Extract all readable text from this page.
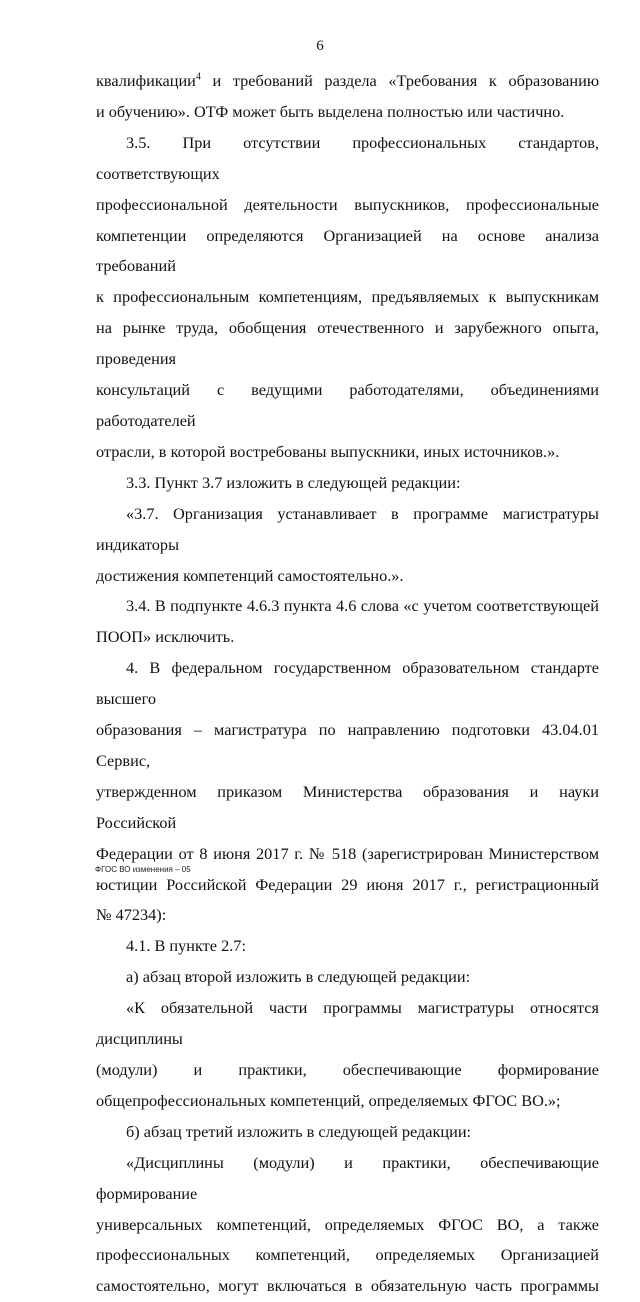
6

квалификации$^4$ и требований раздела «Требования к образованию

и обучению». ОТФ может быть выделена полностью или частично.

3.5. При отсутствии профессиональных стандартов, соответствующих

профессиональной деятельности выпускников, профессиональные

компетенции определяются Организацией на основе анализа требований

к профессиональным компетенциям, предъявляемых к выпускникам

на рынке труда, обобщения отечественного и зарубежного опыта, проведения

консультаций с ведущими работодателями, объединениями работодателей

отрасли, в которой востребованы выпускники, иных источников.».

3.3. Пункт 3.7 изложить в следующей редакции:

«3.7. Организация устанавливает в программе магистратуры индикаторы

достижения компетенций самостоятельно.».

3.4. В подпункте 4.6.3 пункта 4.6 слова «с учетом соответствующей

ПООП» исключить.

4. В федеральном государственном образовательном стандарте высшего

образования – магистратура по направлению подготовки 43.04.01 Сервис,

утвержденном приказом Министерства образования и науки Российской

Федерации от 8 июня 2017 г. № 518 (зарегистрирован Министерством

юстиции Российской Федерации 29 июня 2017 г., регистрационный

№ 47234):

4.1. В пункте 2.7:

а) абзац второй изложить в следующей редакции:

«К обязательной части программы магистратуры относятся дисциплины

(модули) и практики, обеспечивающие формирование

общепрофессиональных компетенций, определяемых ФГОС ВО.»;

б) абзац третий изложить в следующей редакции:

«Дисциплины (модули) и практики, обеспечивающие формирование

универсальных компетенций, определяемых ФГОС ВО, а также

профессиональных компетенций, определяемых Организацией

самостоятельно, могут включаться в обязательную часть программы

ФГОС ВО изменения – 05
